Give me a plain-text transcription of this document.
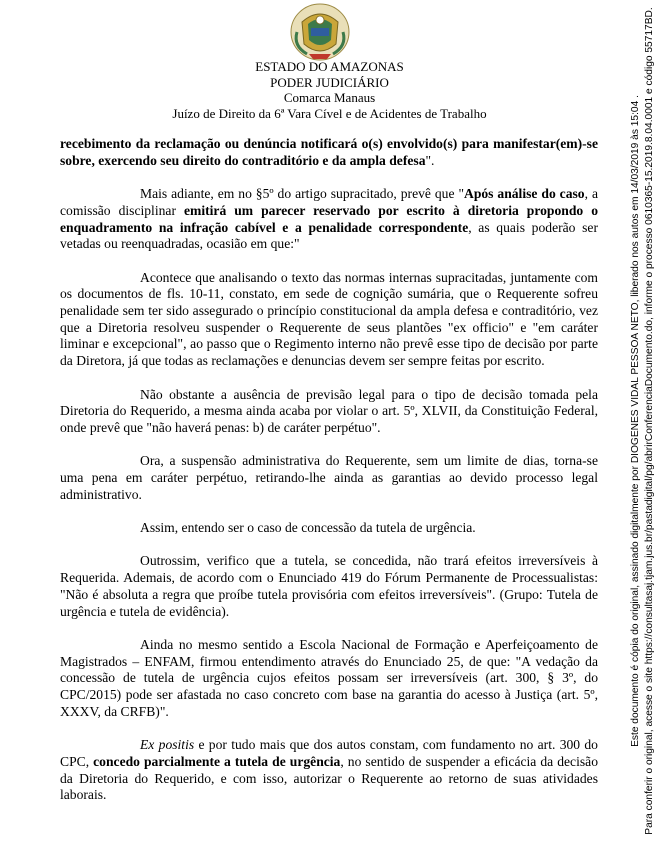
ESTADO DO AMAZONAS
PODER JUDICIÁRIO
Comarca Manaus
Juízo de Direito da 6ª Vara Cível e de Acidentes de Trabalho

recebimento da reclamação ou denúncia notificará o(s) envolvido(s) para manifestar(em)-se sobre, exercendo seu direito do contraditório e da ampla defesa".

Mais adiante, em no §5º do artigo supracitado, prevê que "Após análise do caso, a comissão disciplinar emitirá um parecer reservado por escrito à diretoria propondo o enquadramento na infração cabível e a penalidade correspondente, as quais poderão ser vetadas ou reenquadradas, ocasião em que:"

Acontece que analisando o texto das normas internas supracitadas, juntamente com os documentos de fls. 10-11, constato, em sede de cognição sumária, que o Requerente sofreu penalidade sem ter sido assegurado o princípio constitucional da ampla defesa e contraditório, vez que a Diretoria resolveu suspender o Requerente de seus plantões "ex officio" e "em caráter liminar e excepcional", ao passo que o Regimento interno não prevê esse tipo de decisão por parte da Diretora, já que todas as reclamações e denuncias devem ser sempre feitas por escrito.

Não obstante a ausência de previsão legal para o tipo de decisão tomada pela Diretoria do Requerido, a mesma ainda acaba por violar o art. 5º, XLVII, da Constituição Federal, onde prevê que "não haverá penas: b) de caráter perpétuo".

Ora, a suspensão administrativa do Requerente, sem um limite de dias, torna-se uma pena em caráter perpétuo, retirando-lhe ainda as garantias ao devido processo legal administrativo.

Assim, entendo ser o caso de concessão da tutela de urgência.

Outrossim, verifico que a tutela, se concedida, não trará efeitos irreversíveis à Requerida. Ademais, de acordo com o Enunciado 419 do Fórum Permanente de Processualistas: "Não é absoluta a regra que proíbe tutela provisória com efeitos irreversíveis". (Grupo: Tutela de urgência e tutela de evidência).

Ainda no mesmo sentido a Escola Nacional de Formação e Aperfeiçoamento de Magistrados – ENFAM, firmou entendimento através do Enunciado 25, de que: "A vedação da concessão de tutela de urgência cujos efeitos possam ser irreversíveis (art. 300, § 3º, do CPC/2015) pode ser afastada no caso concreto com base na garantia do acesso à Justiça (art. 5º, XXXV, da CRFB)".

Ex positis e por tudo mais que dos autos constam, com fundamento no art. 300 do CPC, concedo parcialmente a tutela de urgência, no sentido de suspender a eficácia da decisão da Diretoria do Requerido, e com isso, autorizar o Requerente ao retorno de suas atividades laborais.

Este documento é cópia do original, assinado digitalmente por DIOGENES VIDAL PESSOA NETO, liberado nos autos em 14/03/2019 às 15:04 . Para conferir o original, acesse o site https://consultasaj.tjam.jus.br/pastadigital/pg/abrirConferenciaDocumento.do, informe o processo 0610365-15.2019.8.04.0001 e código 55717BD.
